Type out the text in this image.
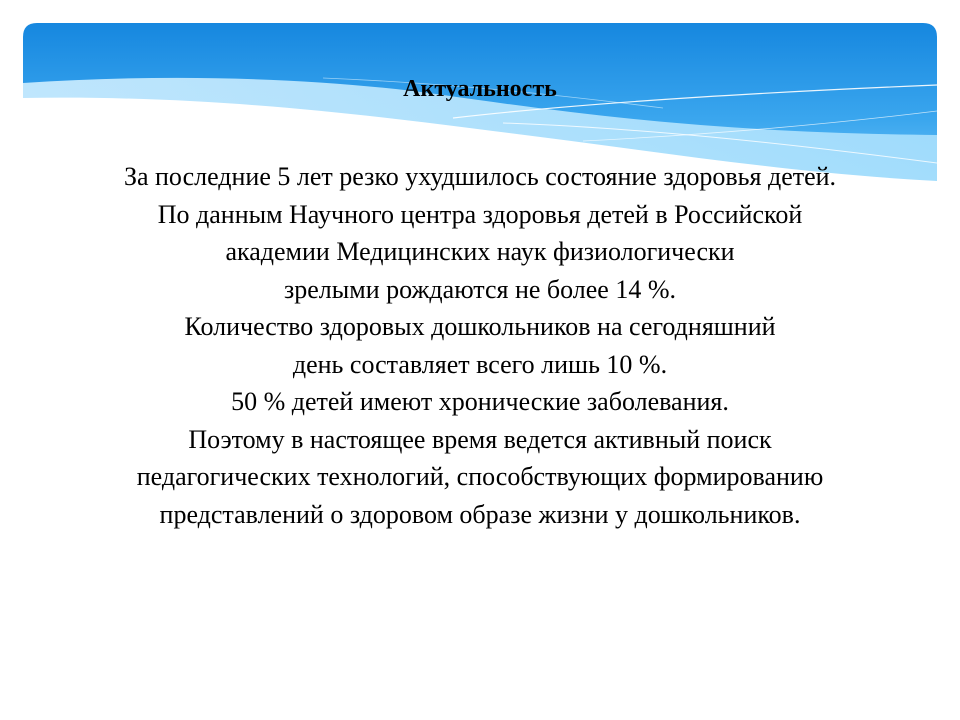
Актуальность
За последние 5 лет резко ухудшилось состояние здоровья детей.
По данным Научного центра здоровья детей в Российской
академии Медицинских наук физиологически
зрелыми рождаются не более 14 %.
Количество здоровых дошкольников на сегодняшний
день составляет всего лишь 10 %.
50 % детей имеют хронические заболевания.
Поэтому в настоящее время ведется активный поиск
педагогических технологий, способствующих формированию
представлений о здоровом образе жизни у дошкольников.
